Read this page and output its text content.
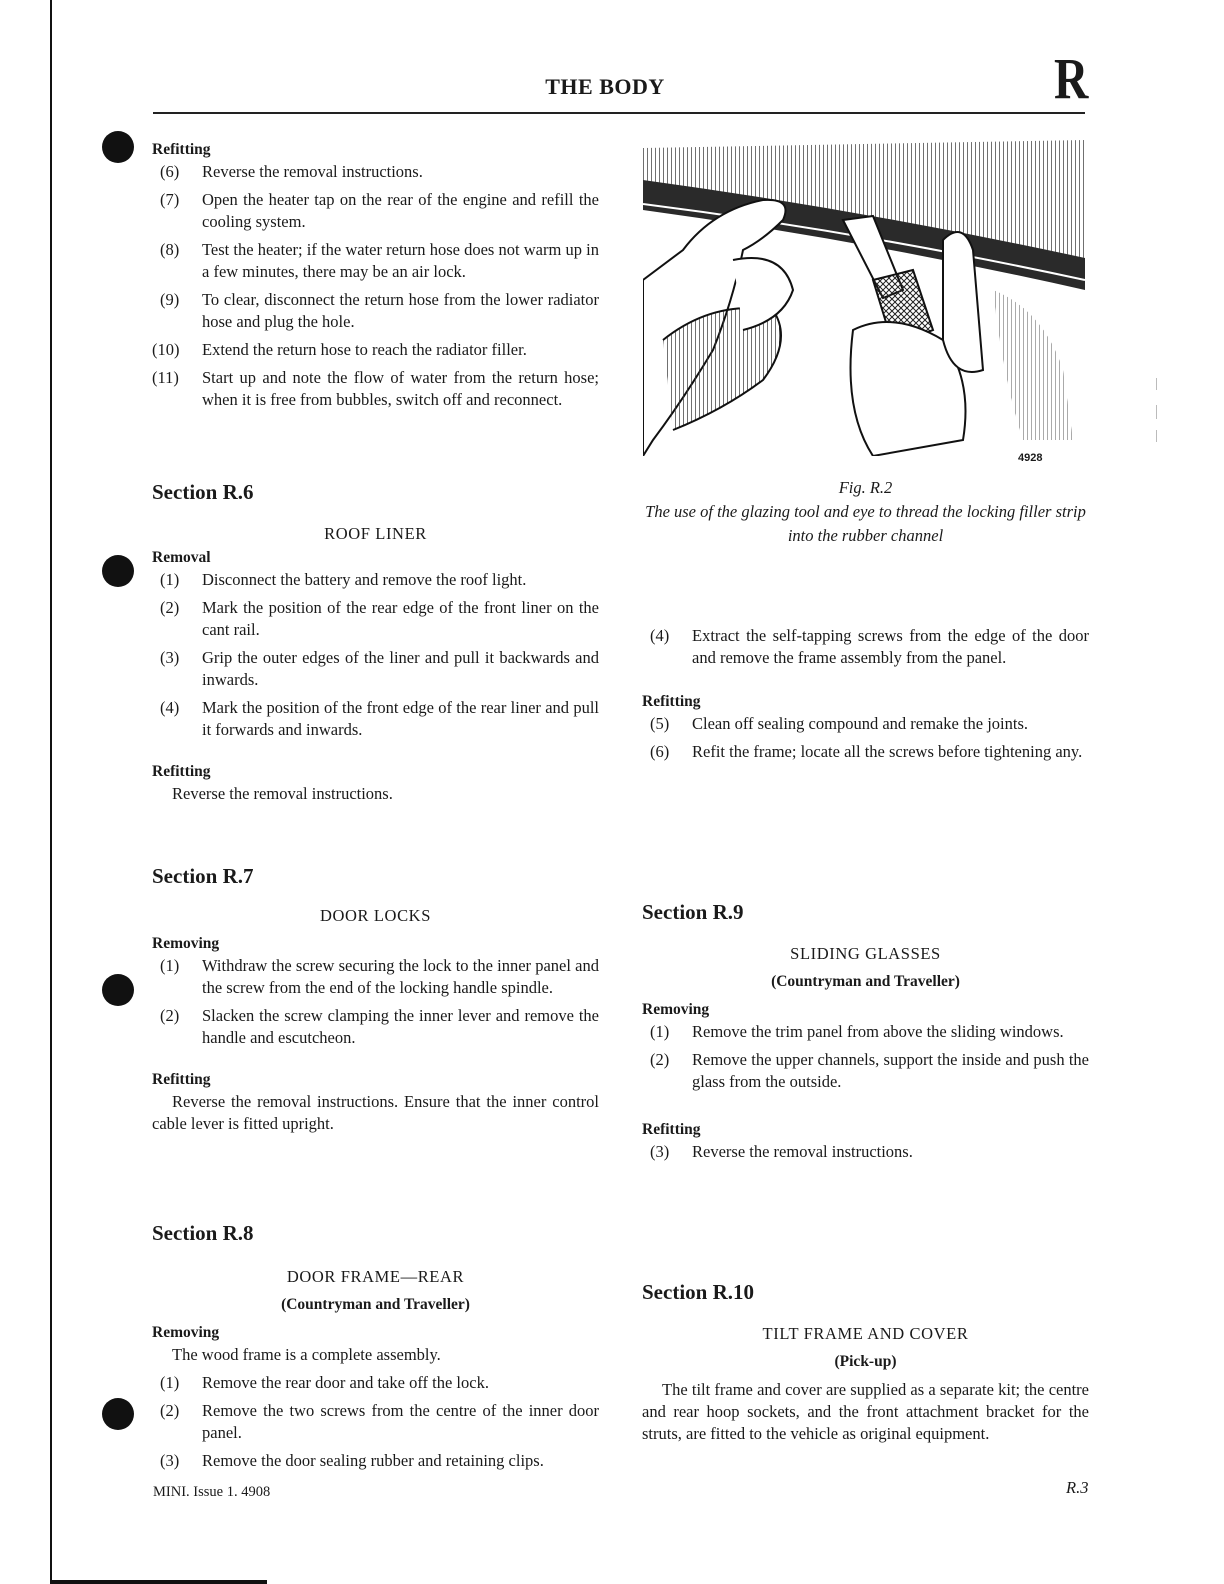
THE BODY	R
Refitting
(6) Reverse the removal instructions.
(7) Open the heater tap on the rear of the engine and refill the cooling system.
(8) Test the heater; if the water return hose does not warm up in a few minutes, there may be an air lock.
(9) To clear, disconnect the return hose from the lower radiator hose and plug the hole.
(10) Extend the return hose to reach the radiator filler.
(11) Start up and note the flow of water from the return hose; when it is free from bubbles, switch off and reconnect.
Section R.6
ROOF LINER
Removal
(1) Disconnect the battery and remove the roof light.
(2) Mark the position of the rear edge of the front liner on the cant rail.
(3) Grip the outer edges of the liner and pull it backwards and inwards.
(4) Mark the position of the front edge of the rear liner and pull it forwards and inwards.
Refitting
Reverse the removal instructions.
Section R.7
DOOR LOCKS
Removing
(1) Withdraw the screw securing the lock to the inner panel and the screw from the end of the locking handle spindle.
(2) Slacken the screw clamping the inner lever and remove the handle and escutcheon.
Refitting
Reverse the removal instructions. Ensure that the inner control cable lever is fitted upright.
Section R.8
DOOR FRAME—REAR
(Countryman and Traveller)
Removing
The wood frame is a complete assembly.
(1) Remove the rear door and take off the lock.
(2) Remove the two screws from the centre of the inner door panel.
(3) Remove the door sealing rubber and retaining clips.
4928
Fig. R.2
The use of the glazing tool and eye to thread the locking filler strip into the rubber channel
(4) Extract the self-tapping screws from the edge of the door and remove the frame assembly from the panel.
Refitting
(5) Clean off sealing compound and remake the joints.
(6) Refit the frame; locate all the screws before tightening any.
Section R.9
SLIDING GLASSES
(Countryman and Traveller)
Removing
(1) Remove the trim panel from above the sliding windows.
(2) Remove the upper channels, support the inside and push the glass from the outside.
Refitting
(3) Reverse the removal instructions.
Section R.10
TILT FRAME AND COVER
(Pick-up)
The tilt frame and cover are supplied as a separate kit; the centre and rear hoop sockets, and the front attachment bracket for the struts, are fitted to the vehicle as original equipment.
MINI. Issue 1. 4908	R.3
